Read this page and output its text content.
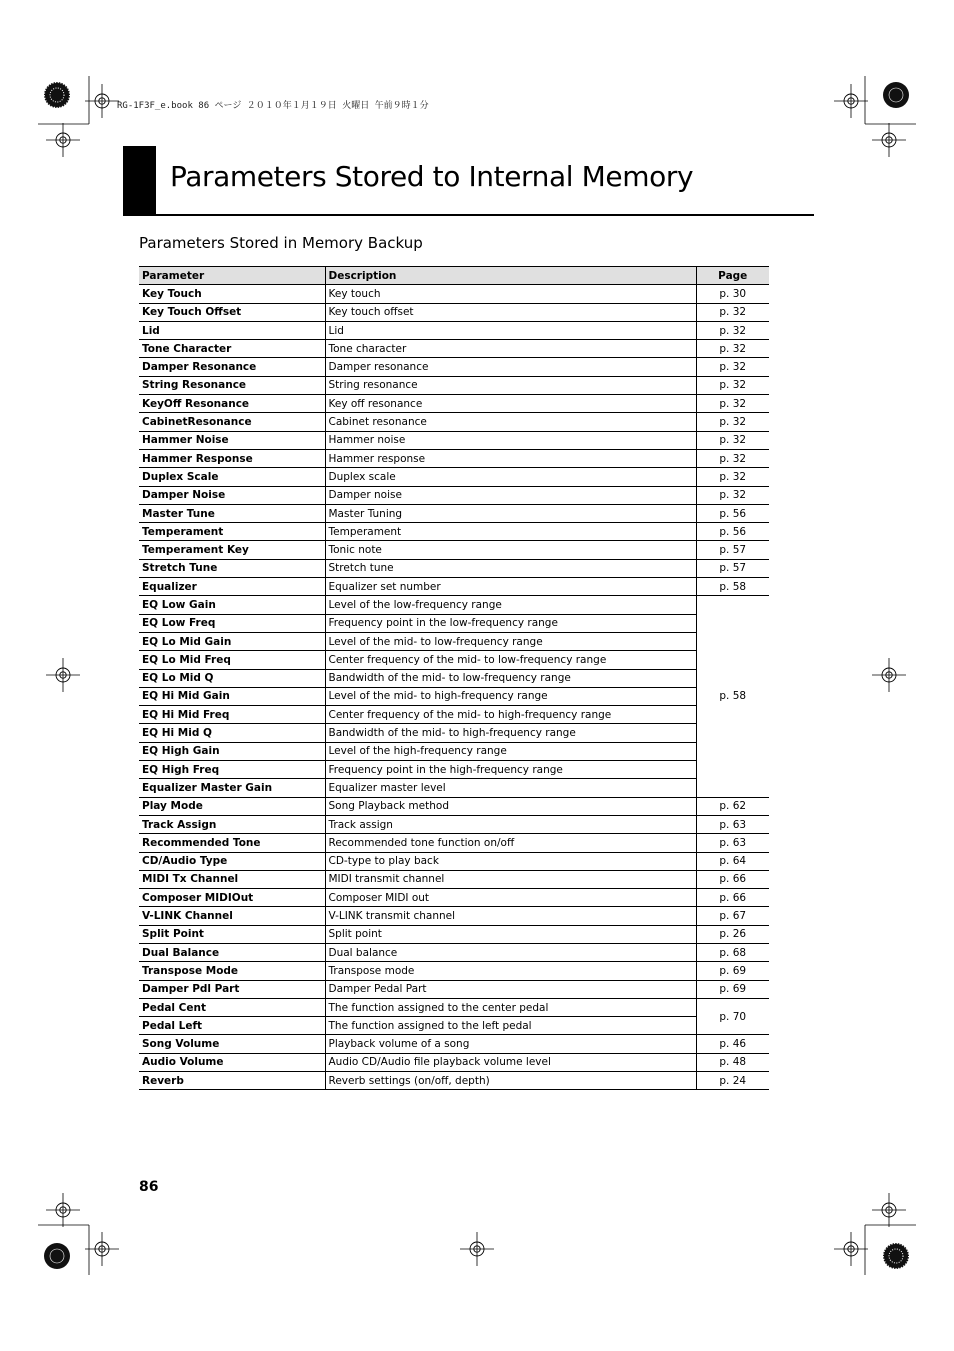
RG-1F3F_e.book 86 ページ ２０１０年１月１９日 火曜日 午前９時１分
Parameters Stored to Internal Memory
Parameters Stored in Memory Backup
Parameter	Description	Page
Key Touch	Key touch	p. 30
Key Touch Offset	Key touch offset	p. 32
Lid	Lid	p. 32
Tone Character	Tone character	p. 32
Damper Resonance	Damper resonance	p. 32
String Resonance	String resonance	p. 32
KeyOff Resonance	Key off resonance	p. 32
CabinetResonance	Cabinet resonance	p. 32
Hammer Noise	Hammer noise	p. 32
Hammer Response	Hammer response	p. 32
Duplex Scale	Duplex scale	p. 32
Damper Noise	Damper noise	p. 32
Master Tune	Master Tuning	p. 56
Temperament	Temperament	p. 56
Temperament Key	Tonic note	p. 57
Stretch Tune	Stretch tune	p. 57
Equalizer	Equalizer set number	p. 58
EQ Low Gain	Level of the low-frequency range	p. 58
EQ Low Freq	Frequency point in the low-frequency range	
EQ Lo Mid Gain	Level of the mid- to low-frequency range	
EQ Lo Mid Freq	Center frequency of the mid- to low-frequency range	
EQ Lo Mid Q	Bandwidth of the mid- to low-frequency range	
EQ Hi Mid Gain	Level of the mid- to high-frequency range	
EQ Hi Mid Freq	Center frequency of the mid- to high-frequency range	
EQ Hi Mid Q	Bandwidth of the mid- to high-frequency range	
EQ High Gain	Level of the high-frequency range	
EQ High Freq	Frequency point in the high-frequency range	
Equalizer Master Gain	Equalizer master level	
Play Mode	Song Playback method	p. 62
Track Assign	Track assign	p. 63
Recommended Tone	Recommended tone function on/off	p. 63
CD/Audio Type	CD-type to play back	p. 64
MIDI Tx Channel	MIDI transmit channel	p. 66
Composer MIDIOut	Composer MIDI out	p. 66
V-LINK Channel	V-LINK transmit channel	p. 67
Split Point	Split point	p. 26
Dual Balance	Dual balance	p. 68
Transpose Mode	Transpose mode	p. 69
Damper Pdl Part	Damper Pedal Part	p. 69
Pedal Cent	The function assigned to the center pedal	p. 70
Pedal Left	The function assigned to the left pedal	
Song Volume	Playback volume of a song	p. 46
Audio Volume	Audio CD/Audio file playback volume level	p. 48
Reverb	Reverb settings (on/off, depth)	p. 24
86
